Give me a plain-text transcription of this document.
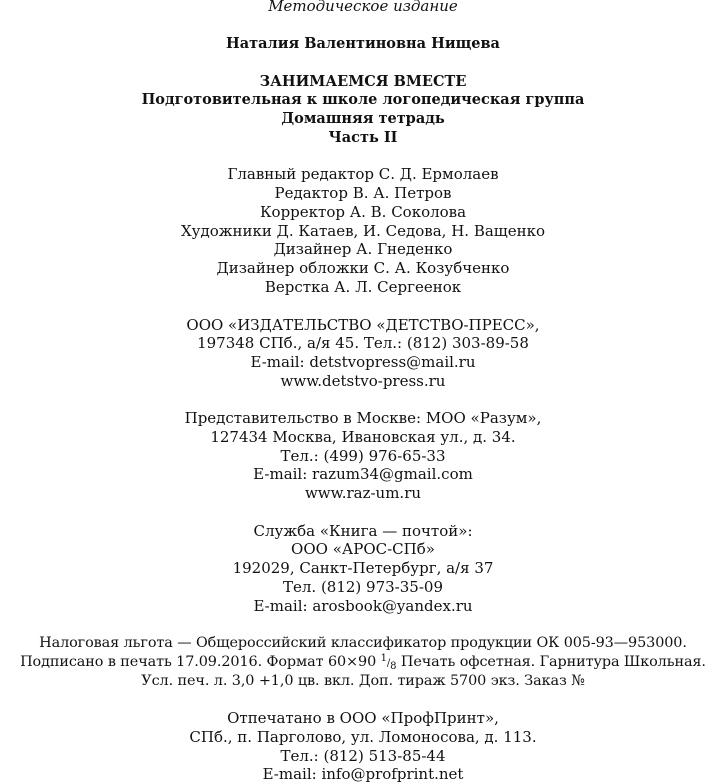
Методическое издание
Наталия Валентиновна Нищева
ЗАНИМАЕМСЯ ВМЕСТЕ
Подготовительная к школе логопедическая группа
Домашняя тетрадь
Часть II
Главный редактор С. Д. Ермолаев
Редактор В. А. Петров
Корректор А. В. Соколова
Художники Д. Катаев, И. Седова, Н. Ващенко
Дизайнер А. Гнеденко
Дизайнер обложки С. А. Козубченко
Верстка А. Л. Сергеенок
ООО «ИЗДАТЕЛЬСТВО «ДЕТСТВО-ПРЕСС»,
197348 СПб., а/я 45. Тел.: (812) 303-89-58
E-mail: detstvopress@mail.ru
www.detstvo-press.ru
Представительство в Москве: МОО «Разум»,
127434 Москва, Ивановская ул., д. 34.
Тел.: (499) 976-65-33
E-mail: razum34@gmail.com
www.raz-um.ru
Служба «Книга — почтой»:
ООО «АРОС-СПб»
192029, Санкт-Петербург, а/я 37
Тел. (812) 973-35-09
E-mail: arosbook@yandex.ru
Налоговая льгота — Общероссийский классификатор продукции ОК 005-93—953000.
Подписано в печать 17.09.2016. Формат 60×90 1/8 Печать офсетная. Гарнитура Школьная.
Усл. печ. л. 3,0 +1,0 цв. вкл. Доп. тираж 5700 экз. Заказ №
Отпечатано в ООО «ПрофПринт»,
СПб., п. Парголово, ул. Ломоносова, д. 113.
Тел.: (812) 513-85-44
E-mail: info@profprint.net
